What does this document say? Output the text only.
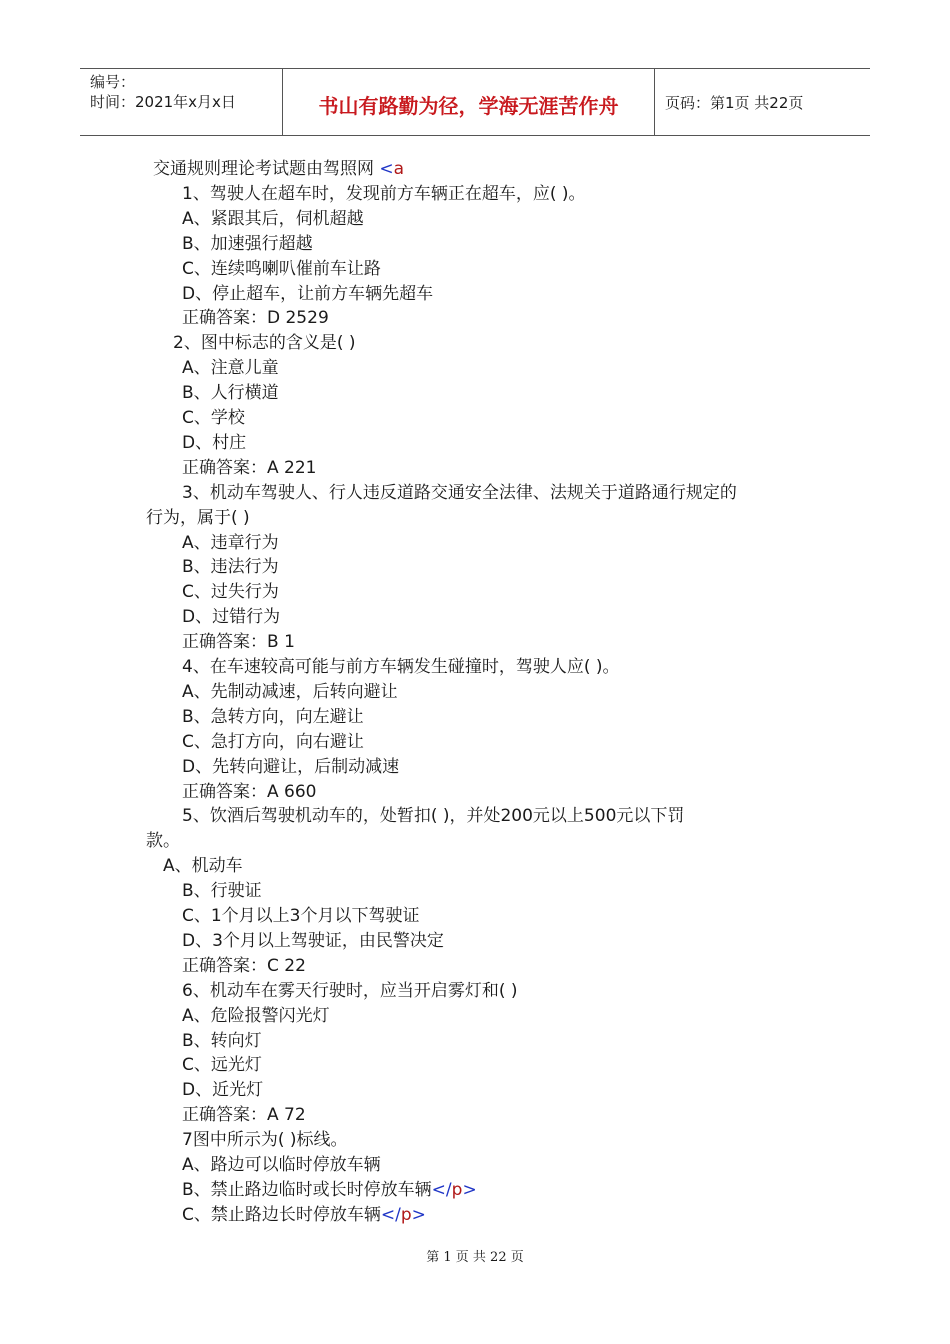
编号：
时间：2021年x月x日	书山有路勤为径，学海无涯苦作舟	页码：第1页 共22页
交通规则理论考试题由驾照网 <a
1、驾驶人在超车时，发现前方车辆正在超车，应( )。
A、紧跟其后，伺机超越
B、加速强行超越
C、连续鸣喇叭催前车让路
D、停止超车，让前方车辆先超车
正确答案：D 2529
2、图中标志的含义是( )
A、注意儿童
B、人行横道
C、学校
D、村庄
正确答案：A 221
3、机动车驾驶人、行人违反道路交通安全法律、法规关于道路通行规定的
行为，属于( )
A、违章行为
B、违法行为
C、过失行为
D、过错行为
正确答案：B 1
4、在车速较高可能与前方车辆发生碰撞时，驾驶人应( )。
A、先制动减速，后转向避让
B、急转方向，向左避让
C、急打方向，向右避让
D、先转向避让，后制动减速
正确答案：A 660
5、饮酒后驾驶机动车的，处暂扣( )，并处200元以上500元以下罚
款。
A、机动车
B、行驶证
C、1个月以上3个月以下驾驶证
D、3个月以上驾驶证，由民警决定
正确答案：C 22
6、机动车在雾天行驶时，应当开启雾灯和( )
A、危险报警闪光灯
B、转向灯
C、远光灯
D、近光灯
正确答案：A 72
7图中所示为( )标线。
A、路边可以临时停放车辆
B、禁止路边临时或长时停放车辆</p>
C、禁止路边长时停放车辆</p>
第 1 页 共 22 页
